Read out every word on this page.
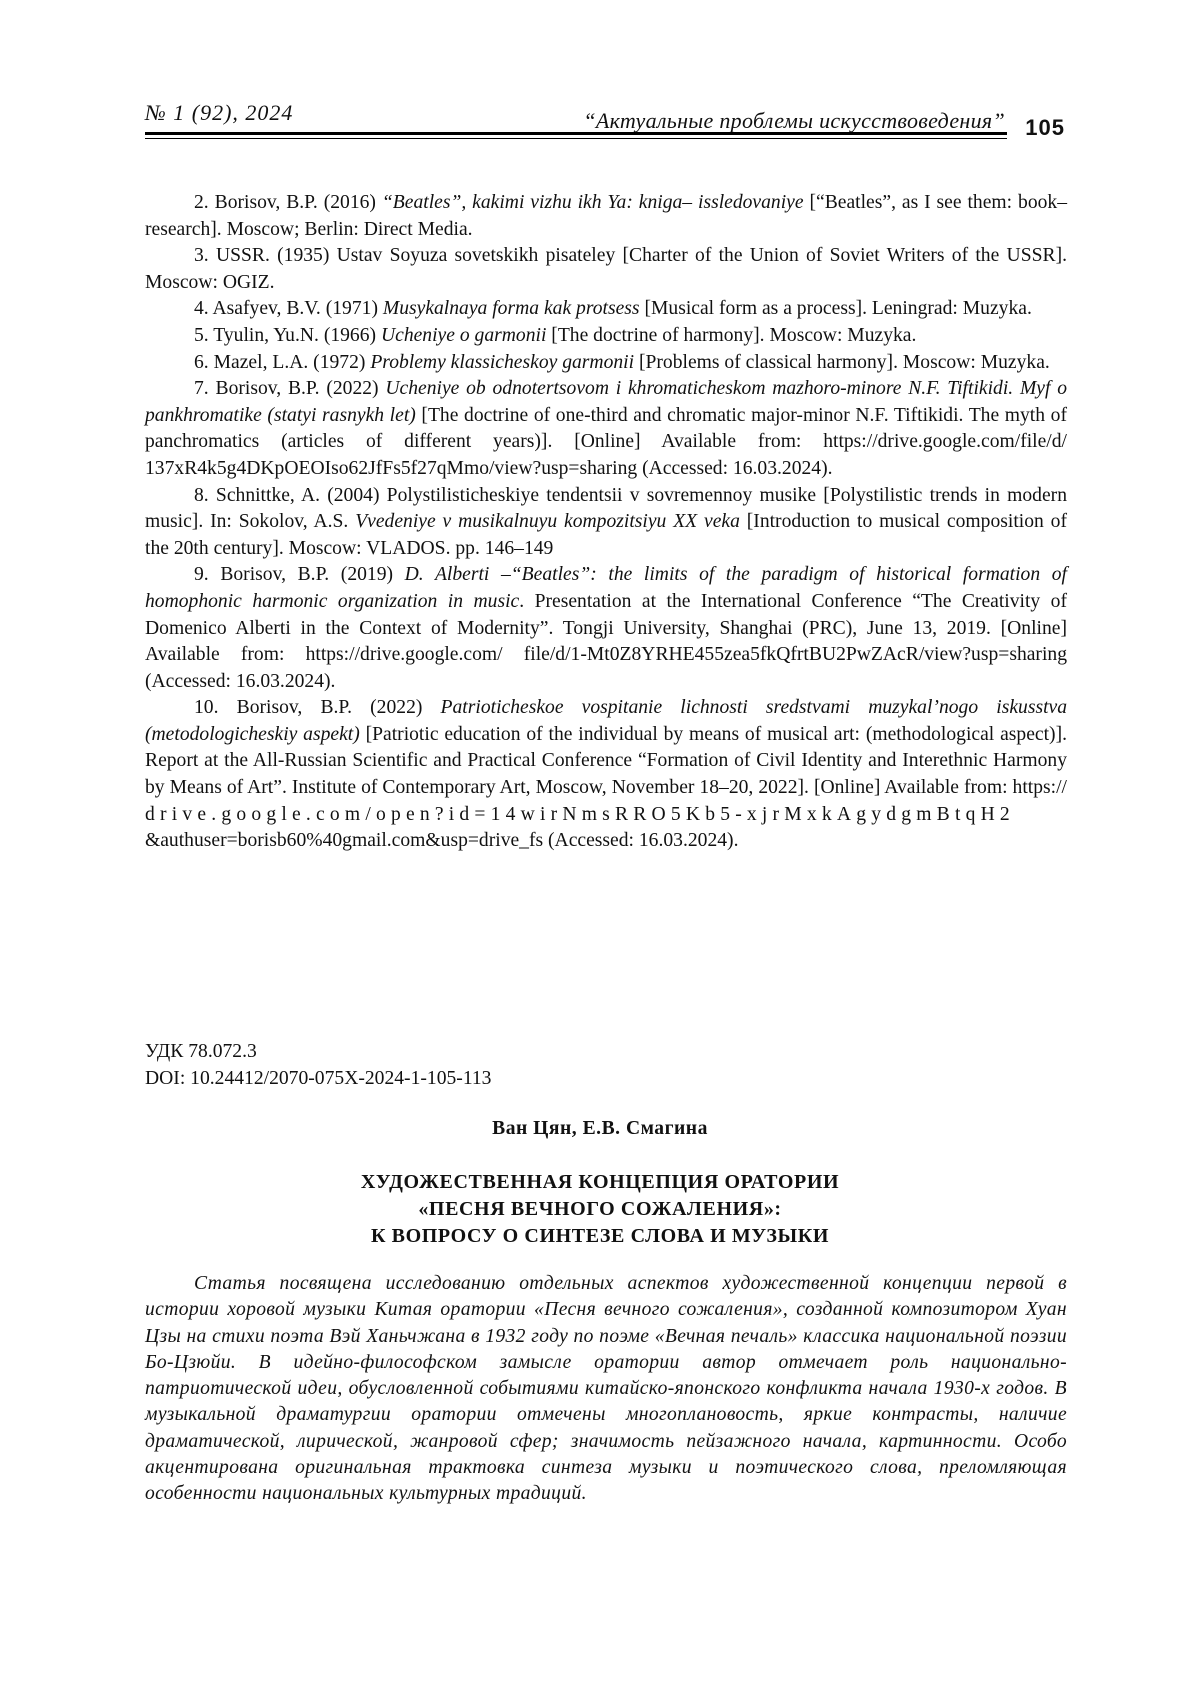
№ 1 (92), 2024	“Актуальные проблемы искусствоведения” 105

2. Borisov, B.P. (2016) “Beatles”, kakimi vizhu ikh Ya: kniga– issledovaniye [“Beatles”, as I see them: book–research]. Moscow; Berlin: Direct Media.

3. USSR. (1935) Ustav Soyuza sovetskikh pisateley [Charter of the Union of Soviet Writers of the USSR]. Moscow: OGIZ.

4. Asafyev, B.V. (1971) Musykalnaya forma kak protsess [Musical form as a process]. Leningrad: Muzyka.

5. Tyulin, Yu.N. (1966) Ucheniye o garmonii [The doctrine of harmony]. Moscow: Muzyka.

6. Mazel, L.A. (1972) Problemy klassicheskoy garmonii [Problems of classical harmony]. Moscow: Muzyka.

7. Borisov, B.P. (2022) Ucheniye ob odnotertsovom i khromaticheskom mazhoro-minore N.F. Tiftikidi. Myf o pankhromatike (statyi rasnykh let) [The doctrine of one-third and chromatic major-minor N.F. Tiftikidi. The myth of panchromatics (articles of different years)]. [Online] Available from: https://drive.google.com/file/d/ 137xR4k5g4DKpOEOIso62JfFs5f27qMmo/view?usp=sharing (Accessed: 16.03.2024).

8. Schnittke, A. (2004) Polystilisticheskiye tendentsii v sovremennoy musike [Polystilistic trends in modern music]. In: Sokolov, A.S. Vvedeniye v musikalnuyu kompozitsiyu XX veka [Introduction to musical composition of the 20th century]. Moscow: VLADOS. pp. 146–149

9. Borisov, B.P. (2019) D. Alberti –“Beatles”: the limits of the paradigm of historical formation of homophonic harmonic organization in music. Presentation at the International Conference “The Creativity of Domenico Alberti in the Context of Modernity”. Tongji University, Shanghai (PRC), June 13, 2019. [Online] Available from: https://drive.google.com/ file/d/1-Mt0Z8YRHE455zea5fkQfrtBU2PwZAcR/view?usp=sharing (Accessed: 16.03.2024).

10. Borisov, B.P. (2022) Patrioticheskoe vospitanie lichnosti sredstvami muzykal’nogo iskusstva (metodologicheskiy aspekt) [Patriotic education of the individual by means of musical art: (methodological aspect)]. Report at the All-Russian Scientific and Practical Conference “Formation of Civil Identity and Interethnic Harmony by Means of Art”. Institute of Contemporary Art, Moscow, November 18–20, 2022]. [Online] Available from: https:// drive.google.com/open?id=14wirNmsRRO5Kb5-xjrMxkAgydgmBtqH2 &authuser=borisb60%40gmail.com&usp=drive_fs (Accessed: 16.03.2024).

УДК 78.072.3
DOI: 10.24412/2070-075X-2024-1-105-113
Ван Цян, Е.В. Смагина
ХУДОЖЕСТВЕННАЯ КОНЦЕПЦИЯ ОРАТОРИИ
«ПЕСНЯ ВЕЧНОГО СОЖАЛЕНИЯ»:
К ВОПРОСУ О СИНТЕЗЕ СЛОВА И МУЗЫКИ

Статья посвящена исследованию отдельных аспектов художественной концепции первой в истории хоровой музыки Китая оратории «Песня вечного сожаления», созданной композитором Хуан Цзы на стихи поэта Вэй Ханьчжана в 1932 году по поэме «Вечная печаль» классика национальной поэзии Бо-Цзюйи. В идейно-философском замысле оратории автор отмечает роль национально-патриотической идеи, обусловленной событиями китайско-японского конфликта начала 1930-х годов. В музыкальной драматургии оратории отмечены многоплановость, яркие контрасты, наличие драматической, лирической, жанровой сфер; значимость пейзажного начала, картинности. Особо акцентирована оригинальная трактовка синтеза музыки и поэтического слова, преломляющая особенности национальных культурных традиций.
